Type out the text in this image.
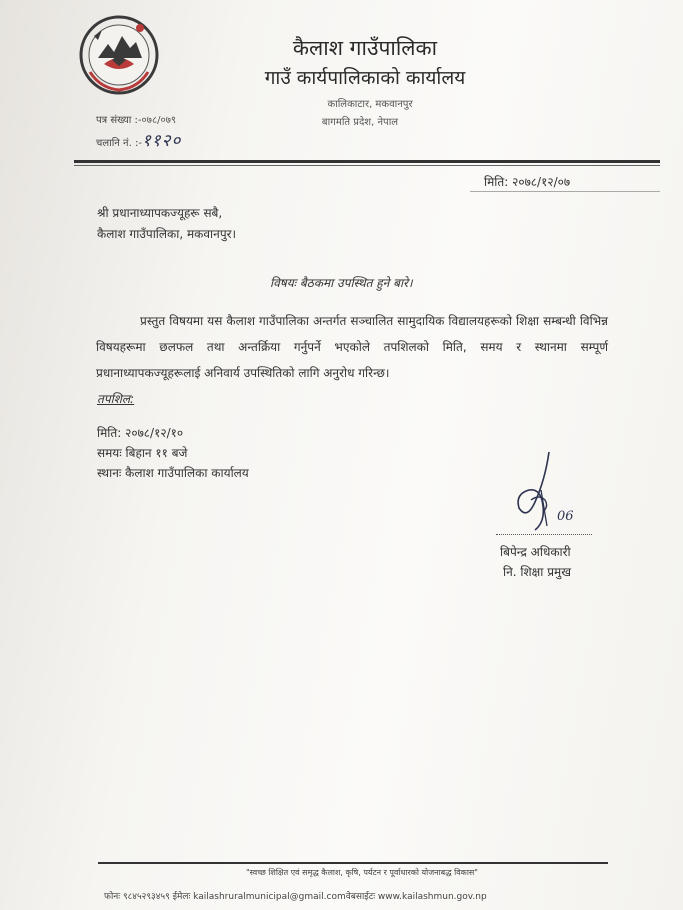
कैलाश गाउँपालिका
गाउँ कार्यपालिकाको कार्यालय
कालिकाटार, मकवानपुर
बागमति प्रदेश, नेपाल
पत्र संख्या :-०७८/०७९
चलानि नं. :-११२०
मिति: २०७८/१२/०७
श्री प्रधानाध्यापकज्यूहरू सबै,
कैलाश गाउँपालिका, मकवानपुर।
विषयः बैठकमा उपस्थित हुने बारे।
प्रस्तुत विषयमा यस कैलाश गाउँपालिका अन्तर्गत सञ्चालित सामुदायिक विद्यालयहरूको शिक्षा सम्बन्धी विभिन्न विषयहरूमा छलफल तथा अन्तर्क्रिया गर्नुपर्ने भएकोले तपशिलको मिति, समय र स्थानमा सम्पूर्ण प्रधानाध्यापकज्यूहरूलाई अनिवार्य उपस्थितिको लागि अनुरोध गरिन्छ।
तपशिल:
मिति: २०७८/१२/१०
समयः बिहान ११ बजे
स्थानः कैलाश गाउँपालिका कार्यालय
06
बिपेन्द्र अधिकारी
नि. शिक्षा प्रमुख
"स्वच्छ शिक्षित एवं समृद्ध कैलाश, कृषि, पर्यटन र पूर्वाधारको योजनाबद्ध विकास"
फोनः ९८४५२९३४५९ ईमेलः kailashruralmunicipal@gmail.comवेबसाईटः www.kailashmun.gov.np
